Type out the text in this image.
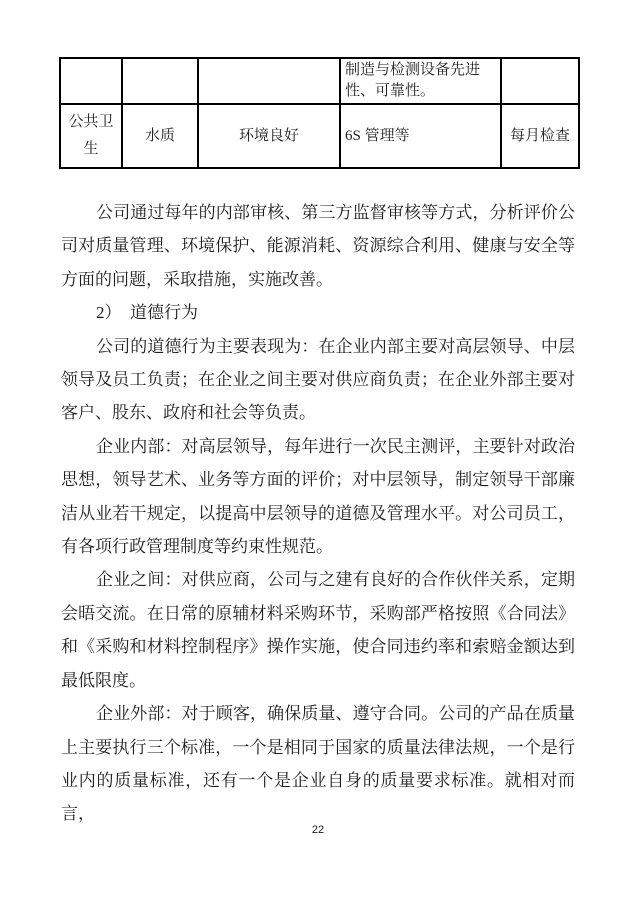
			制造与检测设备先进性、可靠性。	
公共卫生	水质	环境良好	6S 管理等	每月检查

公司通过每年的内部审核、第三方监督审核等方式，分析评价公司对质量管理、环境保护、能源消耗、资源综合利用、健康与安全等方面的问题，采取措施，实施改善。

2）　道德行为

公司的道德行为主要表现为：在企业内部主要对高层领导、中层领导及员工负责；在企业之间主要对供应商负责；在企业外部主要对客户、股东、政府和社会等负责。

企业内部：对高层领导，每年进行一次民主测评，主要针对政治思想，领导艺术、业务等方面的评价；对中层领导，制定领导干部廉洁从业若干规定，以提高中层领导的道德及管理水平。对公司员工，有各项行政管理制度等约束性规范。

企业之间：对供应商，公司与之建有良好的合作伙伴关系，定期会晤交流。在日常的原辅材料采购环节，采购部严格按照《合同法》和《采购和材料控制程序》操作实施，使合同违约率和索赔金额达到最低限度。

企业外部：对于顾客，确保质量、遵守合同。公司的产品在质量上主要执行三个标准，一个是相同于国家的质量法律法规，一个是行业内的质量标准，还有一个是企业自身的质量要求标准。就相对而言，

22
